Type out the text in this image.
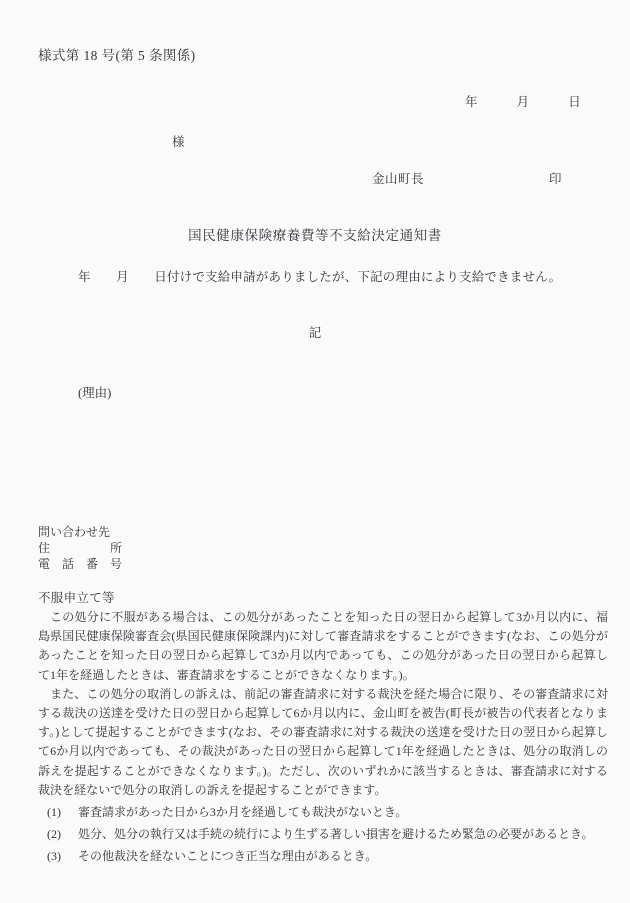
様式第 18 号(第 5 条関係)
年　　　月　　　日
様
金山町長	印
国民健康保険療養費等不支給決定通知書
年　　月　　日付けで支給申請がありましたが、下記の理由により支給できません。
記
(理由)
問い合わせ先
住　　　　　所
電　話　番　号
不服申立て等

この処分に不服がある場合は、この処分があったことを知った日の翌日から起算して3か月以内に、福島県国民健康保険審査会(県国民健康保険課内)に対して審査請求をすることができます(なお、この処分があったことを知った日の翌日から起算して3か月以内であっても、この処分があった日の翌日から起算して1年を経過したときは、審査請求をすることができなくなります。)。

また、この処分の取消しの訴えは、前記の審査請求に対する裁決を経た場合に限り、その審査請求に対する裁決の送達を受けた日の翌日から起算して6か月以内に、金山町を被告(町長が被告の代表者となります。)として提起することができます(なお、その審査請求に対する裁決の送達を受けた日の翌日から起算して6か月以内であっても、その裁決があった日の翌日から起算して1年を経過したときは、処分の取消しの訴えを提起することができなくなります。)。ただし、次のいずれかに該当するときは、審査請求に対する裁決を経ないで処分の取消しの訴えを提起することができます。

(1)	審査請求があった日から3か月を経過しても裁決がないとき。
(2)	処分、処分の執行又は手続の続行により生ずる著しい損害を避けるため緊急の必要があるとき。
(3)	その他裁決を経ないことにつき正当な理由があるとき。
